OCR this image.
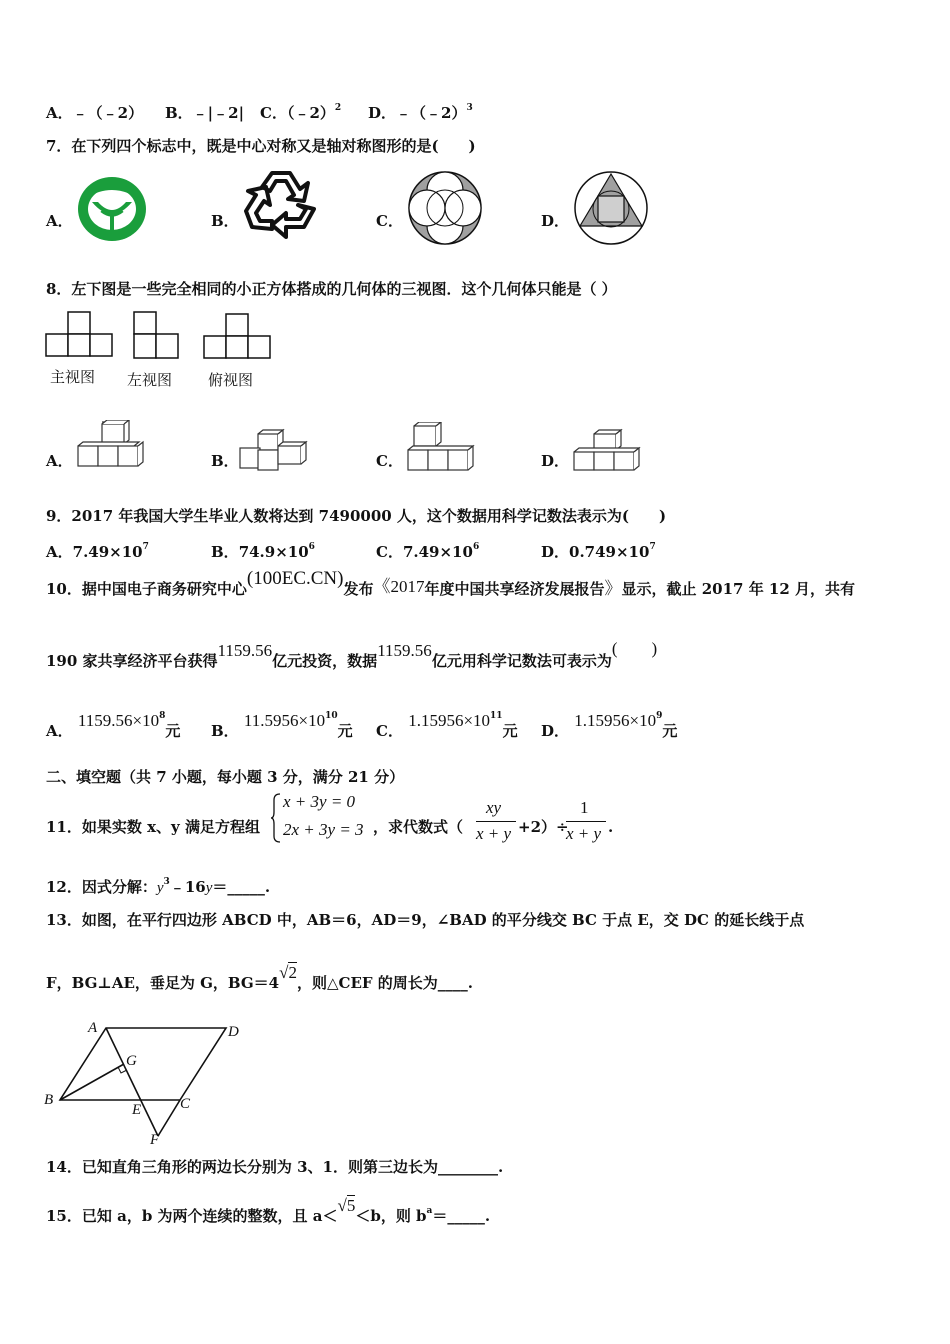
A．﹣（﹣2） B．﹣|﹣2| C．（﹣2）$^2$ D．﹣（﹣2）$^3$
7．在下列四个标志中，既是中心对称又是轴对称图形的是(　　)
A．	B．	C．	D．
8．左下图是一些完全相同的小正方体搭成的几何体的三视图．这个几何体只能是（ ）
主视图 左视图 俯视图
A．	B．	C．	D．
9．2017 年我国大学生毕业人数将达到 7490000 人，这个数据用科学记数法表示为(　　)
A．$7.49\times 10^7$	B．$74.9\times 10^6$	C．$7.49\times 10^6$	D．$0.749\times 10^7$
10．据中国电子商务研究中心(100EC.CN)发布《2017年度中国共享经济发展报告》显示，截止 2017 年 12 月，共有
190 家共享经济平台获得1159.56亿元投资，数据1159.56亿元用科学记数法可表示为(　　)
A． $1159.56\times 10^8$元 B． $11.5956\times 10^{10}$元 C． $1.15956\times 10^{11}$元 D． $1.15956\times 10^9$元
二、填空题（共 7 小题，每小题 3 分，满分 21 分）
11．如果实数 x、y 满足方程组
x + 3y = 0
2x + 3y = 3 ，求代数式（
xy
x + y +2）÷
1
x + y .
12．因式分解：$y^3﹣16y=\_\_\_\_\_$.
13．如图，在平行四边形 ABCD 中，AB＝6，AD＝9，∠BAD 的平分线交 BC 于点 E，交 DC 的延长线于点
F，BG⊥AE，垂足为 G，BG＝4√2，则△CEF 的周长为____.
A	D
G
B
E	C
F
14．已知直角三角形的两边长分别为 3、1．则第三边长为________.
15．已知 a，b 为两个连续的整数，且 a＜√5＜b，则 $b^a=\_\_\_\_\_$.
